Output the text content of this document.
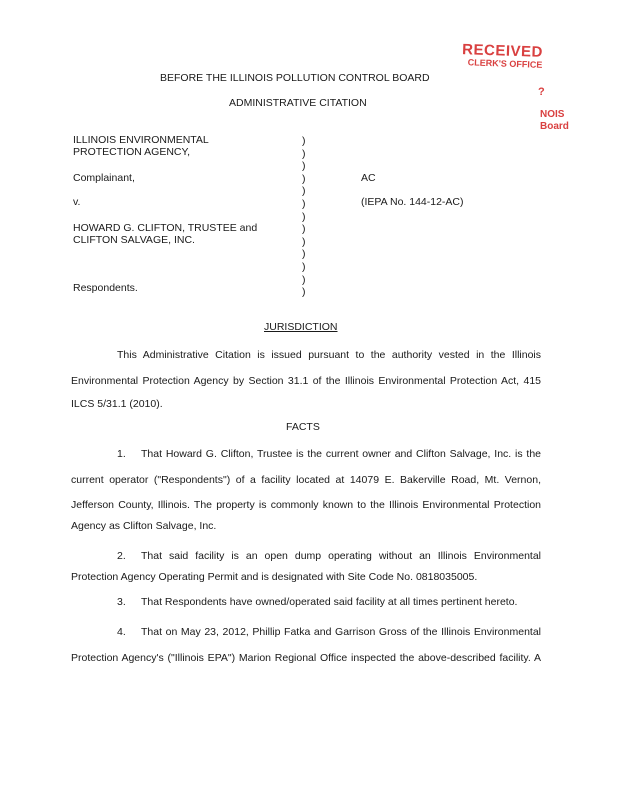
RECEIVED
CLERK'S OFFICE
?
NOIS
Board
BEFORE THE ILLINOIS POLLUTION CONTROL BOARD
ADMINISTRATIVE CITATION
ILLINOIS ENVIRONMENTAL
PROTECTION AGENCY,
Complainant,
v.
HOWARD G. CLIFTON, TRUSTEE and
CLIFTON SALVAGE, INC.
Respondents.
)
)
)
)
)
)
)
)
)
)
)
)
)
AC
(IEPA No. 144-12-AC)
JURISDICTION
This Administrative Citation is issued pursuant to the authority vested in the Illinois
Environmental Protection Agency by Section 31.1 of the Illinois Environmental Protection Act, 415
ILCS 5/31.1 (2010).
FACTS
1. That Howard G. Clifton, Trustee is the current owner and Clifton Salvage, Inc. is the
current operator ("Respondents") of a facility located at 14079 E. Bakerville Road, Mt. Vernon,
Jefferson County, Illinois. The property is commonly known to the Illinois Environmental Protection
Agency as Clifton Salvage, Inc.
2. That said facility is an open dump operating without an Illinois Environmental
Protection Agency Operating Permit and is designated with Site Code No. 0818035005.
3. That Respondents have owned/operated said facility at all times pertinent hereto.
4. That on May 23, 2012, Phillip Fatka and Garrison Gross of the Illinois Environmental
Protection Agency's ("Illinois EPA") Marion Regional Office inspected the above-described facility. A
